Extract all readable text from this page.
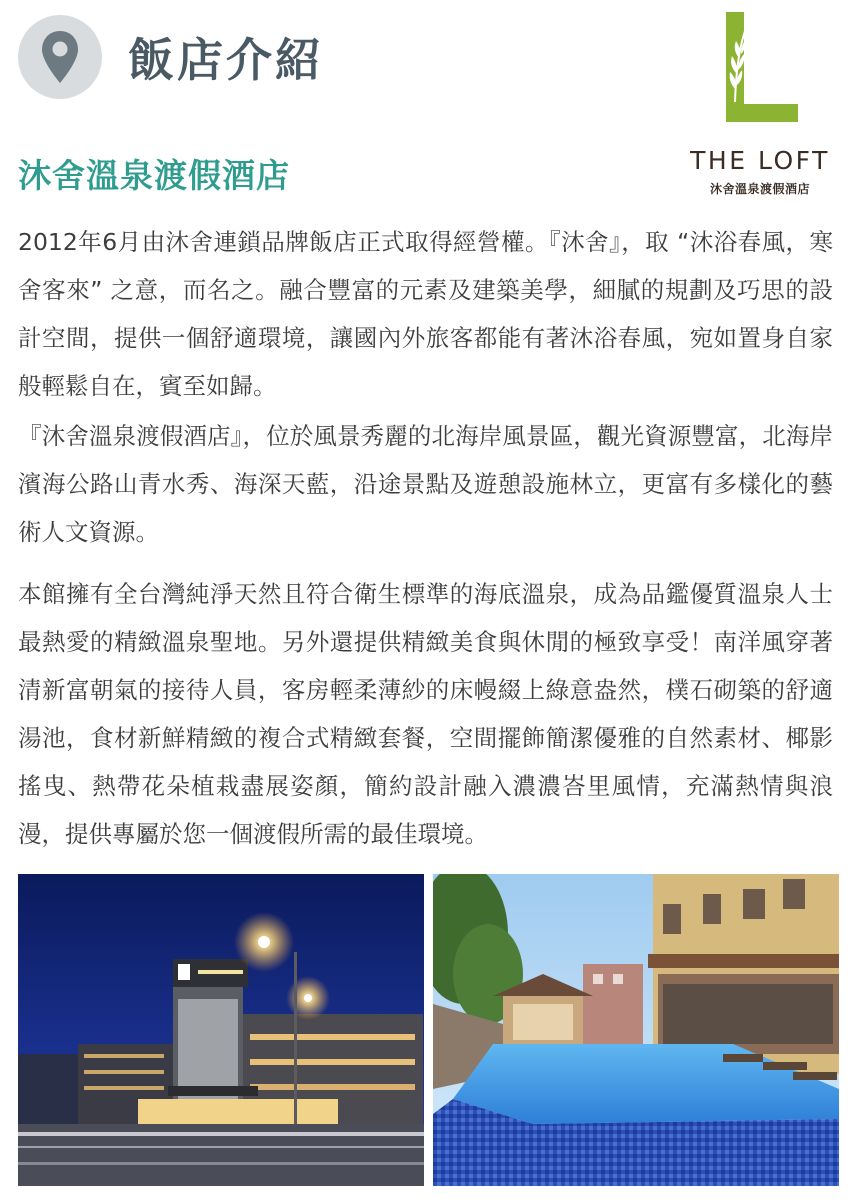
飯店介紹
THE LOFT
沐舍溫泉渡假酒店
沐舍溫泉渡假酒店

2012年6月由沐舍連鎖品牌飯店正式取得經營權。『沐舍』，取 “沐浴春風，寒舍客來” 之意，而名之。融合豐富的元素及建築美學，細膩的規劃及巧思的設計空間，提供一個舒適環境，讓國內外旅客都能有著沐浴春風，宛如置身自家般輕鬆自在，賓至如歸。

『沐舍溫泉渡假酒店』，位於風景秀麗的北海岸風景區，觀光資源豐富，北海岸濱海公路山青水秀、海深天藍，沿途景點及遊憩設施林立，更富有多樣化的藝術人文資源。

本館擁有全台灣純淨天然且符合衛生標準的海底溫泉，成為品鑑優質溫泉人士最熱愛的精緻溫泉聖地。另外還提供精緻美食與休閒的極致享受！南洋風穿著清新富朝氣的接待人員，客房輕柔薄紗的床幔綴上綠意盎然，樸石砌築的舒適湯池，食材新鮮精緻的複合式精緻套餐，空間擺飾簡潔優雅的自然素材、椰影搖曳、熱帶花朵植栽盡展姿顏，簡約設計融入濃濃峇里風情，充滿熱情與浪漫，提供專屬於您一個渡假所需的最佳環境。
